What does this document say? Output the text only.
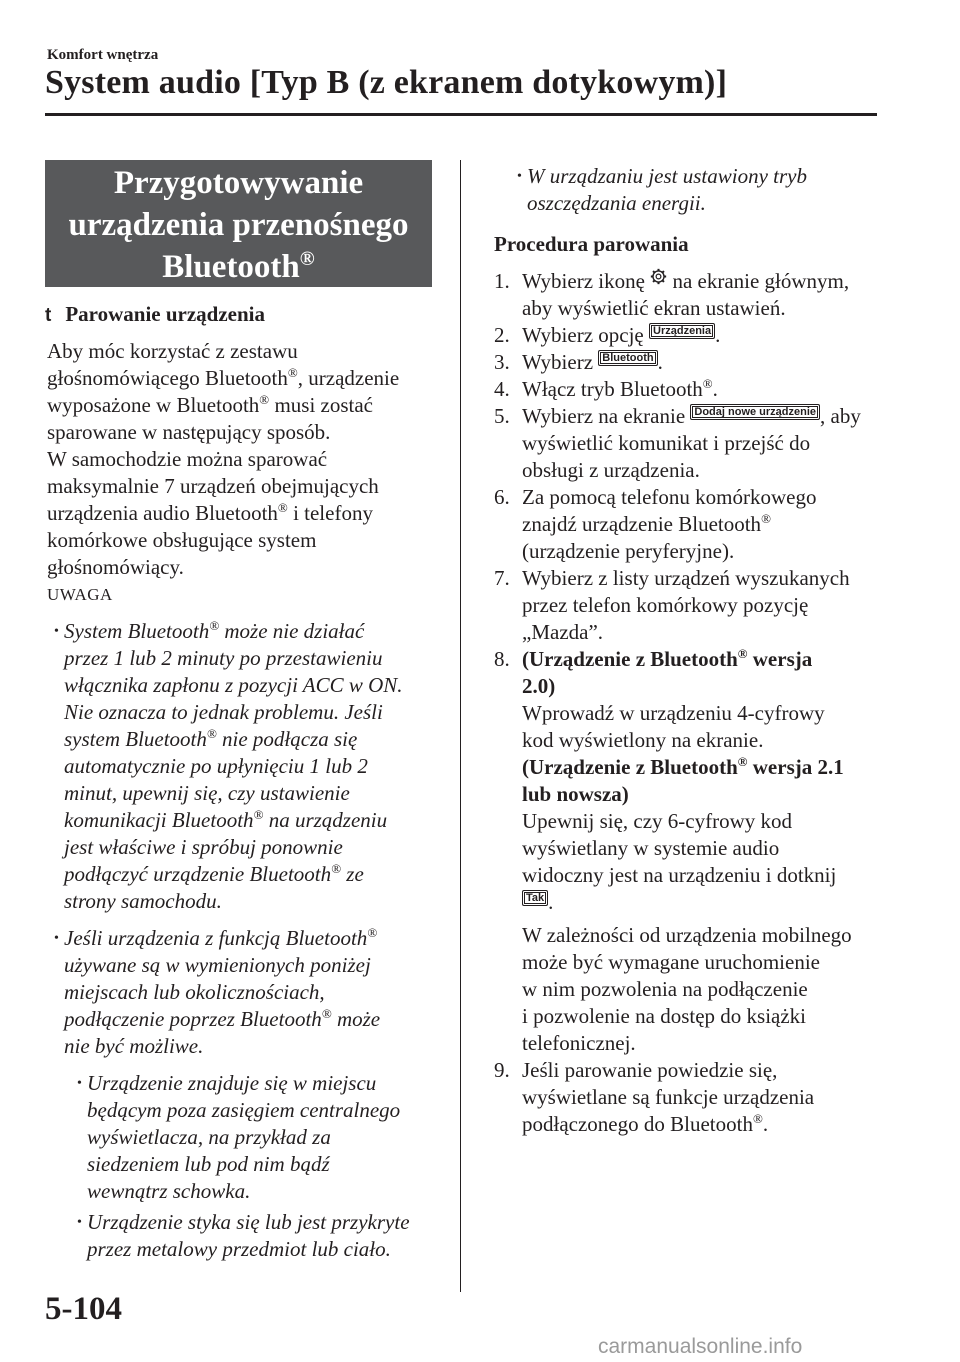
Komfort wnętrza
System audio [Typ B (z ekranem dotykowym)]
Przygotowywanie
urządzenia przenośnego
Bluetooth®
t Parowanie urządzenia

Aby móc korzystać z zestawu

głośnomówiącego Bluetooth®, urządzenie

wyposażone w Bluetooth® musi zostać

sparowane w następujący sposób.

W samochodzie można sparować

maksymalnie 7 urządzeń obejmujących

urządzenia audio Bluetooth® i telefony

komórkowe obsługujące system

głośnomówiący.

UWAGA

• System Bluetooth® może nie działać

przez 1 lub 2 minuty po przestawieniu

włącznika zapłonu z pozycji ACC w ON.

Nie oznacza to jednak problemu. Jeśli

system Bluetooth® nie podłącza się

automatycznie po upłynięciu 1 lub 2

minut, upewnij się, czy ustawienie

komunikacji Bluetooth® na urządzeniu

jest właściwe i spróbuj ponownie

podłączyć urządzenie Bluetooth® ze

strony samochodu.

• Jeśli urządzenia z funkcją Bluetooth®

używane są w wymienionych poniżej

miejscach lub okolicznościach,

podłączenie poprzez Bluetooth® może

nie być możliwe.

• Urządzenie znajduje się w miejscu

będącym poza zasięgiem centralnego

wyświetlacza, na przykład za

siedzeniem lub pod nim bądź

wewnątrz schowka.

• Urządzenie styka się lub jest przykryte

przez metalowy przedmiot lub ciało.

• W urządzaniu jest ustawiony tryb

oszczędzania energii.

Procedura parowania

1. Wybierz ikonę  na ekranie głównym,

aby wyświetlić ekran ustawień.

2. Wybierz opcję Urządzenia .

3. Wybierz Bluetooth .

4. Włącz tryb Bluetooth®.

5. Wybierz na ekranie Dodaj nowe urządzenie , aby

wyświetlić komunikat i przejść do

obsługi z urządzenia.

6. Za pomocą telefonu komórkowego

znajdź urządzenie Bluetooth®

(urządzenie peryferyjne).

7. Wybierz z listy urządzeń wyszukanych

przez telefon komórkowy pozycję

„Mazda”.

8. (Urządzenie z Bluetooth® wersja

2.0)

Wprowadź w urządzeniu 4-cyfrowy

kod wyświetlony na ekranie.

(Urządzenie z Bluetooth® wersja 2.1

lub nowsza)

Upewnij się, czy 6-cyfrowy kod

wyświetlany w systemie audio

widoczny jest na urządzeniu i dotknij

Tak .

W zależności od urządzenia mobilnego

może być wymagane uruchomienie

w nim pozwolenia na podłączenie

i pozwolenie na dostęp do książki

telefonicznej.

9. Jeśli parowanie powiedzie się,

wyświetlane są funkcje urządzenia

podłączonego do Bluetooth®.

5-104
carmanualsonline.info
